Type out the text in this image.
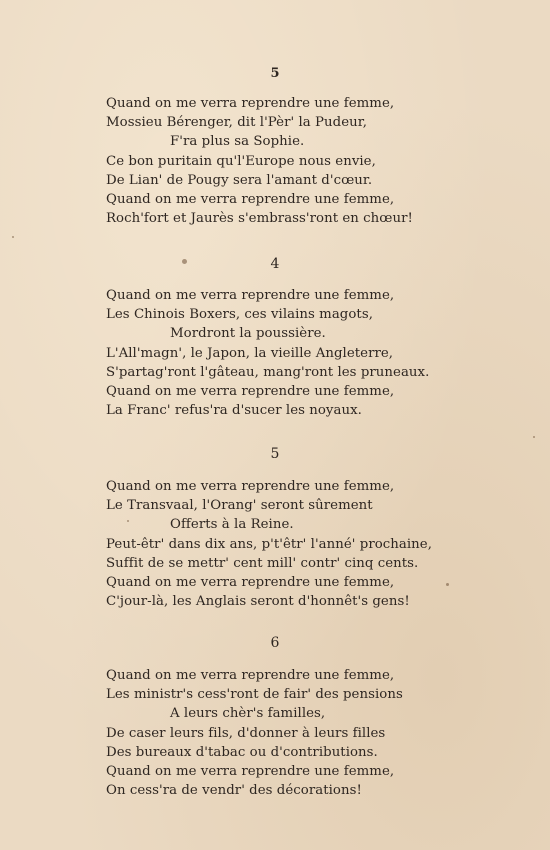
5
Quand on me verra reprendre une femme,
Mossieu Bérenger, dit l'Pèr' la Pudeur,
F'ra plus sa Sophie.
Ce bon puritain qu'l'Europe nous envie,
De Lian' de Pougy sera l'amant d'cœur.
Quand on me verra reprendre une femme,
Roch'fort et Jaurès s'embrass'ront en chœur!
4
Quand on me verra reprendre une femme,
Les Chinois Boxers, ces vilains magots,
Mordront la poussière.
L'All'magn', le Japon, la vieille Angleterre,
S'partag'ront l'gâteau, mang'ront les pruneaux.
Quand on me verra reprendre une femme,
La Franc' refus'ra d'sucer les noyaux.
5
Quand on me verra reprendre une femme,
Le Transvaal, l'Orang' seront sûrement
Offerts à la Reine.
Peut-êtr' dans dix ans, p't'êtr' l'anné' prochaine,
Suffit de se mettr' cent mill' contr' cinq cents.
Quand on me verra reprendre une femme,
C'jour-là, les Anglais seront d'honnêt's gens!
6
Quand on me verra reprendre une femme,
Les ministr's cess'ront de fair' des pensions
A leurs chèr's familles,
De caser leurs fils, d'donner à leurs filles
Des bureaux d'tabac ou d'contributions.
Quand on me verra reprendre une femme,
On cess'ra de vendr' des décorations!
